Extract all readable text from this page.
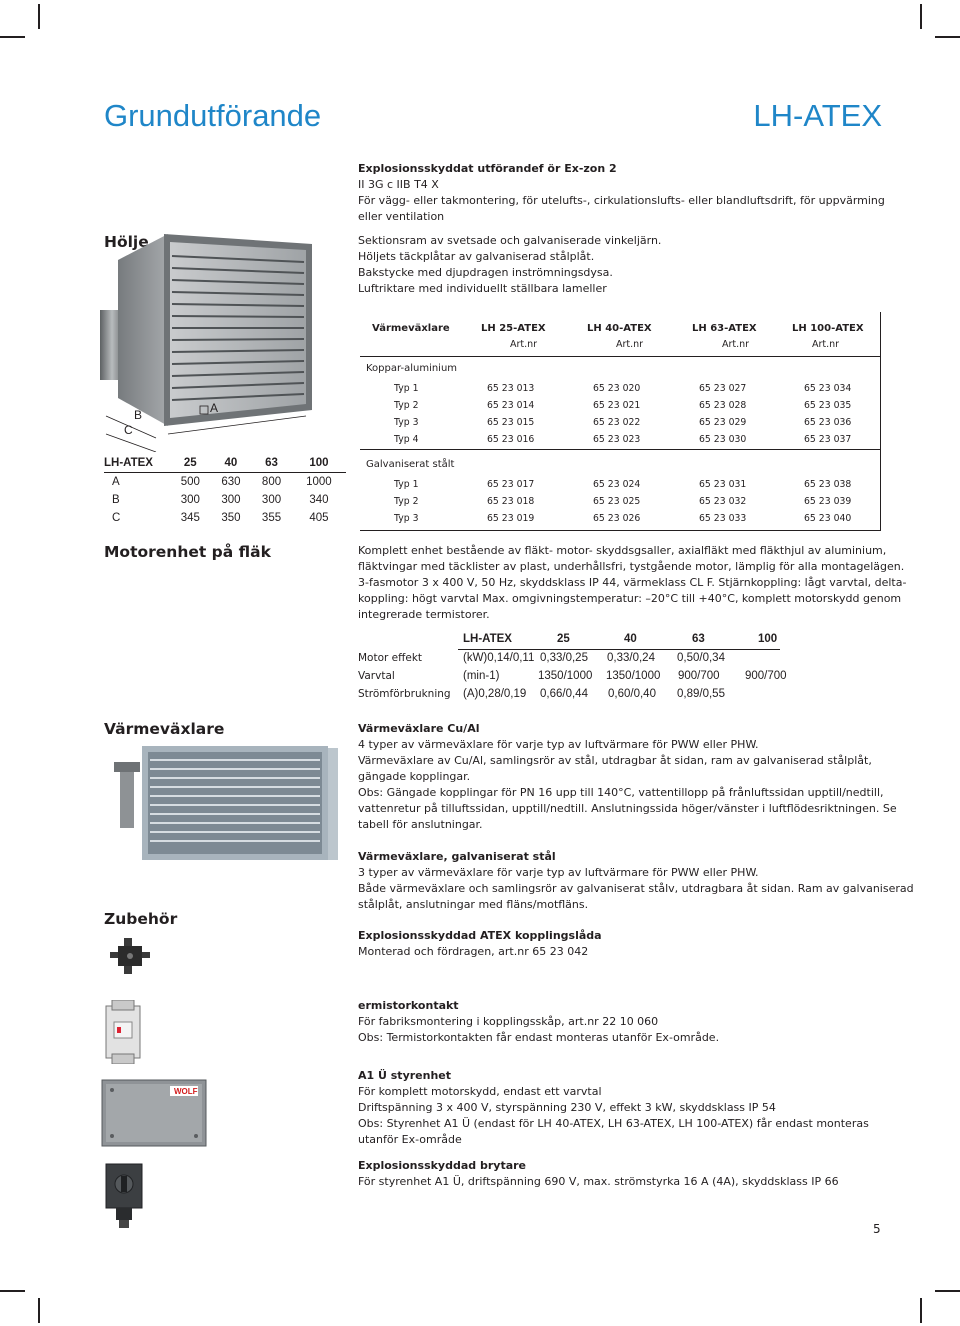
Grundutförande	LH-ATEX
Hölje
Explosionsskyddat utförandef ör Ex-zon 2
II 3G c IIB T4 X
För vägg- eller takmontering, för utelufts-, cirkulationslufts- eller blandluftsdrift, för uppvärming
eller ventilation
Sektionsram av svetsade och galvaniserade vinkeljärn.
Höljets täckplåtar av galvaniserad stålplåt.
Bakstycke med djupdragen inströmningsdysa.
Luftriktare med individuellt ställbara lameller
B
C
A
LH-ATEX	25	40	63	100
A	500	630	800	1000
B	300	300	300	340
C	345	350	355	405
Värmeväxlare	LH 25-ATEX	LH 40-ATEX	LH 63-ATEX	LH 100-ATEX
Art.nr	Art.nr	Art.nr	Art.nr
Koppar-aluminium
Typ 1	65 23 013	65 23 020	65 23 027	65 23 034
Typ 2	65 23 014	65 23 021	65 23 028	65 23 035
Typ 3	65 23 015	65 23 022	65 23 029	65 23 036
Typ 4	65 23 016	65 23 023	65 23 030	65 23 037
Galvaniserat stålt
Typ 1	65 23 017	65 23 024	65 23 031	65 23 038
Typ 2	65 23 018	65 23 025	65 23 032	65 23 039
Typ 3	65 23 019	65 23 026	65 23 033	65 23 040
Motorenhet på fläk	Komplett enhet bestående av fläkt- motor- skyddsgsaller, axialfläkt med fläkthjul av aluminium,
fläktvingar med täcklister av plast, underhållsfri, tystgående motor, lämplig för alla montagelägen.
3-fasmotor 3 x 400 V, 50 Hz, skyddsklass IP 44, värmeklass CL F. Stjärnkoppling: lågt varvtal, delta-
koppling: högt varvtal Max. omgivningstemperatur: –20°C till +40°C, komplett motorskydd genom
integrerade termistorer.
LH-ATEX	25	40	63	100
Motor effekt	(kW)0,14/0,11 0,33/0,25 0,33/0,24 0,50/0,34
Varvtal	(min-1)	1350/1000 1350/1000 900/700 900/700
Strömförbrukning (A)0,28/0,19 0,66/0,44 0,60/0,40 0,89/0,55
Värmeväxlare	Värmeväxlare Cu/Al
4 typer av värmeväxlare för varje typ av luftvärmare för PWW eller PHW.
Värmeväxlare av Cu/Al, samlingsrör av stål, utdragbar åt sidan, ram av galvaniserad stålplåt,
gängade kopplingar.
Obs: Gängade kopplingar för PN 16 upp till 140°C, vattentillopp på frånluftssidan upptill/nedtill,
vattenretur på tilluftssidan, upptill/nedtill. Anslutningssida höger/vänster i luftflödesriktningen. Se
tabell för anslutningar.
Värmeväxlare, galvaniserat stål
3 typer av värmeväxlare för varje typ av luftvärmare för PWW eller PHW.
Både värmeväxlare och samlingsrör av galvaniserat stålv, utdragbara åt sidan. Ram av galvaniserad
stålplåt, anslutningar med fläns/motfläns.
Zubehör
Explosionsskyddad ATEX kopplingslåda
Monterad och fördragen, art.nr 65 23 042
ermistorkontakt
För fabriksmontering i kopplingsskåp, art.nr 22 10 060
Obs: Termistorkontakten får endast monteras utanför Ex-område.
WOLF
A1 Ü styrenhet
För komplett motorskydd, endast ett varvtal
Driftspänning 3 x 400 V, styrspänning 230 V, effekt 3 kW, skyddsklass IP 54
Obs: Styrenhet A1 Ü (endast för LH 40-ATEX, LH 63-ATEX, LH 100-ATEX) får endast monteras
utanför Ex-område
Explosionsskyddad brytare
För styrenhet A1 Ü, driftspänning 690 V, max. strömstyrka 16 A (4A), skyddsklass IP 66
5
